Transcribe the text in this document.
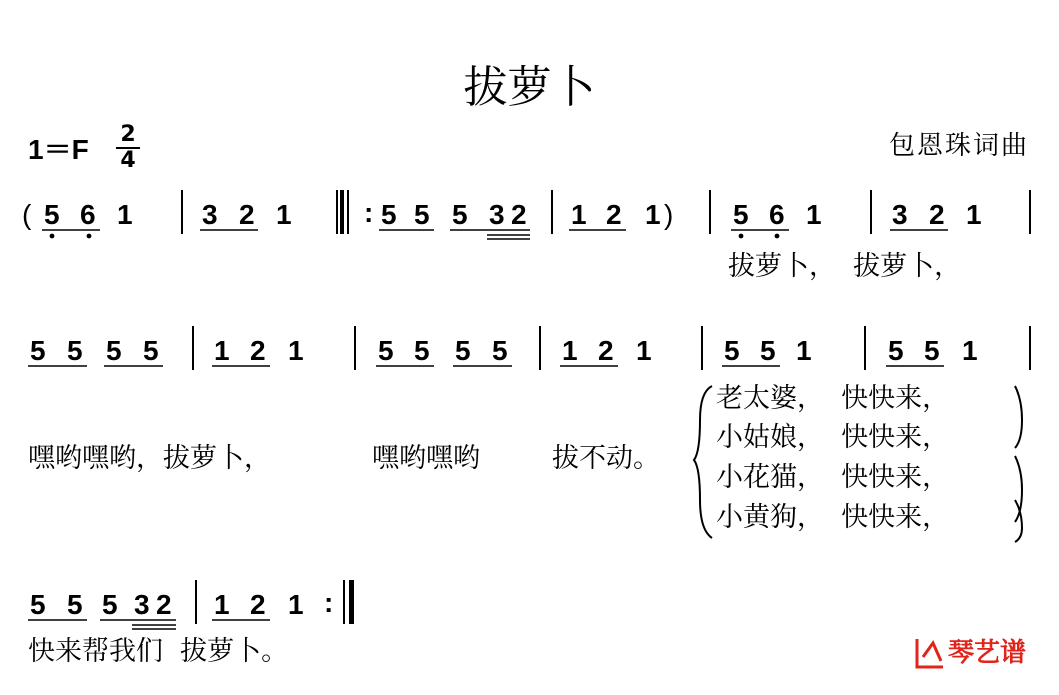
拔萝卜
1＝F 2
4	包恩珠词曲
( 5 6 1 3 2 1	: 5 5 5 3 2 1 2 1 ) 5 6 1	3 2 1
5 5 5 5 1 2 1	5 5 5 5 1 2 1	5 5 1	5 5 1
5 5 5 3 2 1 2 1 :
拔萝卜，  拔萝卜，
嘿哟嘿哟，拔萝卜，	嘿哟嘿哟	拔不动。
老太婆，  快快来，
小姑娘，  快快来，
小花猫，  快快来，
小黄狗，  快快来，
快来帮我们  拔萝卜。	琴艺谱
